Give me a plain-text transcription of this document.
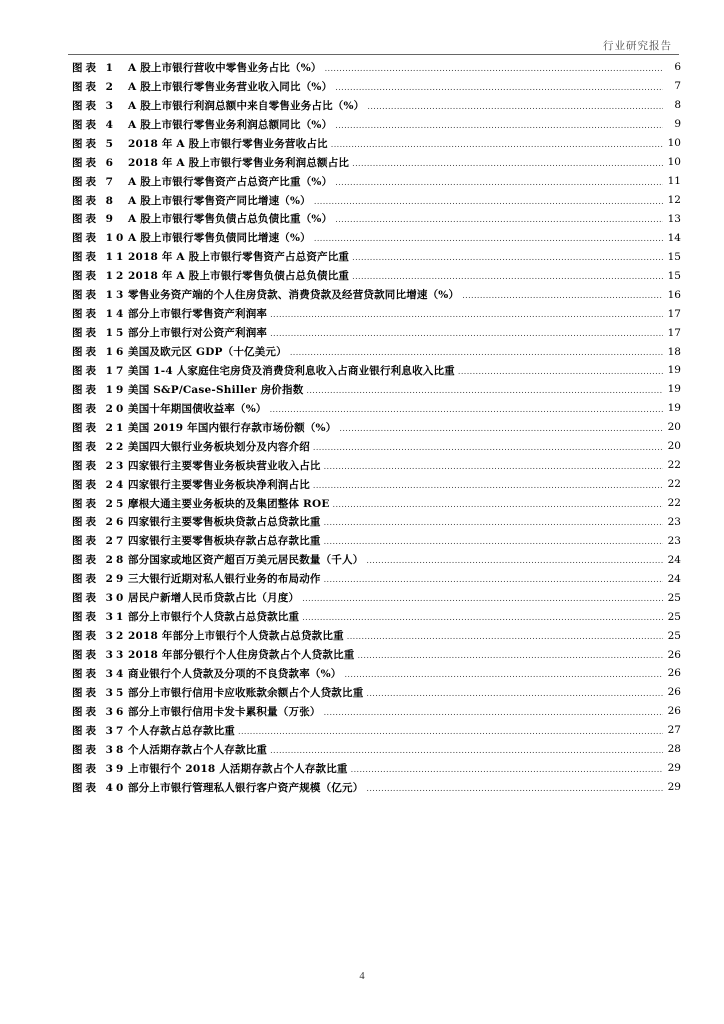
行业研究报告
图表 1	A 股上市银行营收中零售业务占比（%） .....	6
图表 2	A 股上市银行零售业务营业收入同比（%） .....	7
图表 3	A 股上市银行利润总额中来自零售业务占比（%） .....	8
图表 4	A 股上市银行零售业务利润总额同比（%） .....	9
图表 5	2018 年 A 股上市银行零售业务营收占比 .....	10
图表 6	2018 年 A 股上市银行零售业务利润总额占比 .....	10
图表 7	A 股上市银行零售资产占总资产比重（%） .....	11
图表 8	A 股上市银行零售资产同比增速（%） .....	12
图表 9	A 股上市银行零售负债占总负债比重（%） .....	13
图表 10 A 股上市银行零售负债同比增速（%） .....	14
图表 11 2018 年 A 股上市银行零售资产占总资产比重 .....	15
图表 12 2018 年 A 股上市银行零售负债占总负债比重 .....	15
图表 13 零售业务资产端的个人住房贷款、消费贷款及经营贷款同比增速（%） .....	16
图表 14 部分上市银行零售资产利润率 .....	17
图表 15 部分上市银行对公资产利润率 .....	17
图表 16 美国及欧元区 GDP（十亿美元） .....	18
图表 17 美国 1-4 人家庭住宅房贷及消费贷利息收入占商业银行利息收入比重 .....	19
图表 19 美国 S&P/Case-Shiller 房价指数 .....	19
图表 20 美国十年期国债收益率（%） .....	19
图表 21 美国 2019 年国内银行存款市场份额（%） .....	20
图表 22 美国四大银行业务板块划分及内容介绍 .....	20
图表 23 四家银行主要零售业务板块营业收入占比 .....	22
图表 24 四家银行主要零售业务板块净利润占比 .....	22
图表 25 摩根大通主要业务板块的及集团整体 ROE .....	22
图表 26 四家银行主要零售板块贷款占总贷款比重 .....	23
图表 27 四家银行主要零售板块存款占总存款比重 .....	23
图表 28 部分国家或地区资产超百万美元居民数量（千人） .....	24
图表 29 三大银行近期对私人银行业务的布局动作 .....	24
图表 30 居民户新增人民币贷款占比（月度） .....	25
图表 31 部分上市银行个人贷款占总贷款比重 .....	25
图表 32 2018 年部分上市银行个人贷款占总贷款比重 .....	25
图表 33 2018 年部分银行个人住房贷款占个人贷款比重 .....	26
图表 34 商业银行个人贷款及分项的不良贷款率（%） .....	26
图表 35 部分上市银行信用卡应收账款余额占个人贷款比重 .....	26
图表 36 部分上市银行信用卡发卡累积量（万张） .....	26
图表 37 个人存款占总存款比重 .....	27
图表 38 个人活期存款占个人存款比重 .....	28
图表 39 上市银行个 2018 人活期存款占个人存款比重 .....	29
图表 40 部分上市银行管理私人银行客户资产规模（亿元） .....	29
4
